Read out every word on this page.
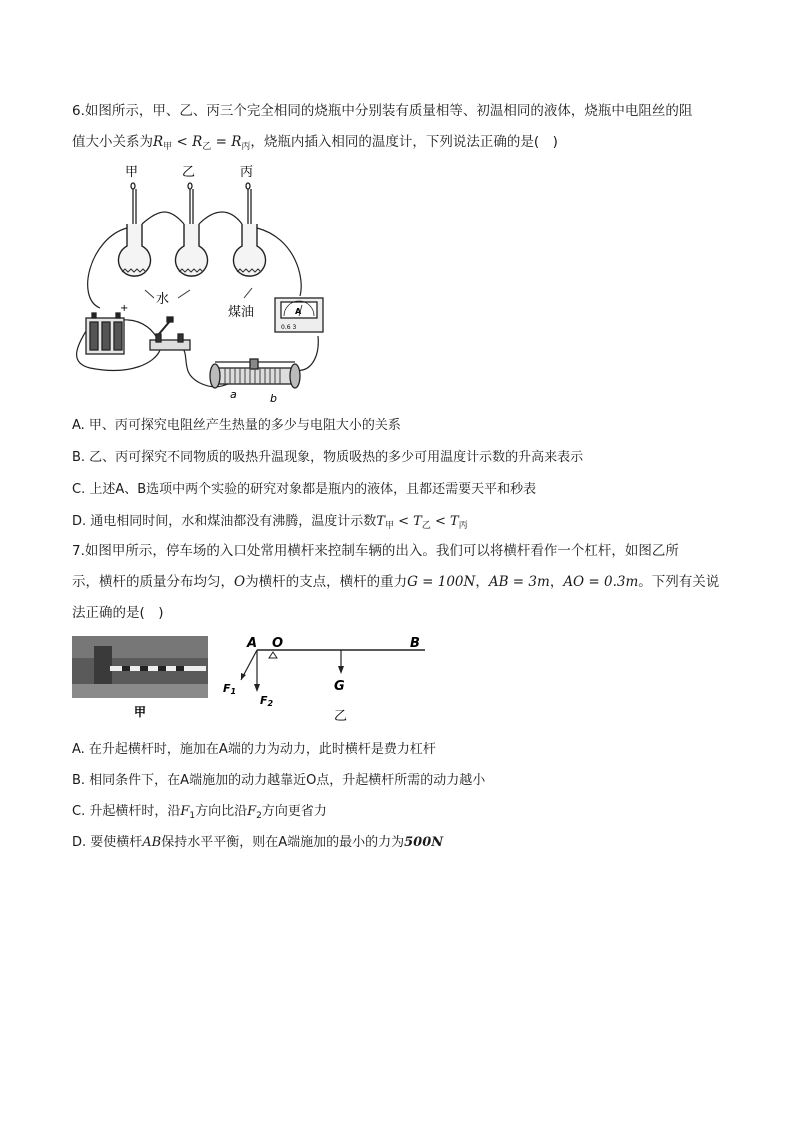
6.如图所示，甲、乙、丙三个完全相同的烧瓶中分别装有质量相等、初温相同的液体，烧瓶中电阻丝的阻
值大小关系为$R_甲 < R_乙 = R_丙$，烧瓶内插入相同的温度计，下列说法正确的是(　)
甲	乙	丙
水
煤油
+	A
0.6 3
a	b
A. 甲、丙可探究电阻丝产生热量的多少与电阻大小的关系
B. 乙、丙可探究不同物质的吸热升温现象，物质吸热的多少可用温度计示数的升高来表示
C. 上述A、B选项中两个实验的研究对象都是瓶内的液体，且都还需要天平和秒表
D. 通电相同时间，水和煤油都没有沸腾，温度计示数$T_甲 < T_乙 < T_丙$
7.如图甲所示，停车场的入口处常用横杆来控制车辆的出入。我们可以将横杆看作一个杠杆，如图乙所
示，横杆的质量分布均匀，O为横杆的支点，横杆的重力G = 100N，AB = 3m，AO = 0.3m。下列有关说
法正确的是(　)
甲
A O	B
F1
F2
G
乙
A. 在升起横杆时，施加在A端的力为动力，此时横杆是费力杠杆
B. 相同条件下，在A端施加的动力越靠近O点，升起横杆所需的动力越小
C. 升起横杆时，沿$F_1$方向比沿$F_2$方向更省力
D. 要使横杆AB保持水平平衡，则在A端施加的最小的力为500N
